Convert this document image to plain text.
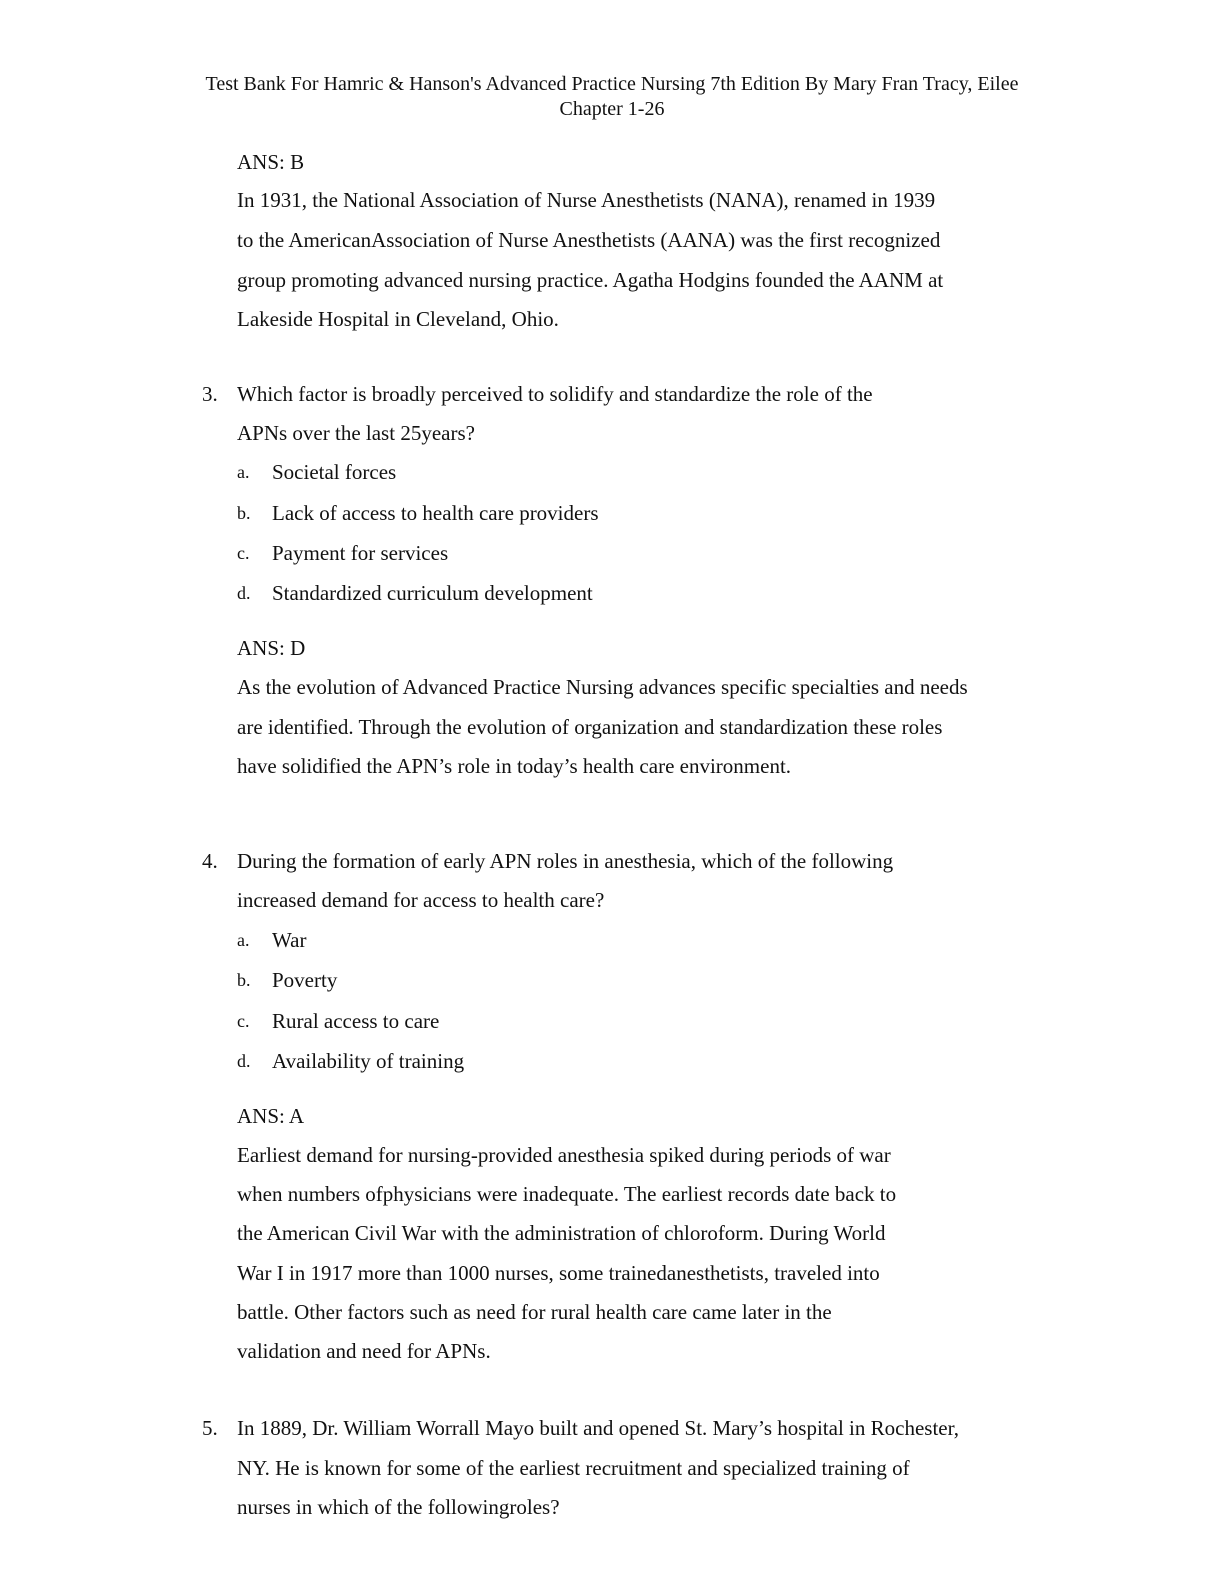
Test Bank For Hamric & Hanson's Advanced Practice Nursing 7th Edition By Mary Fran Tracy, Eilee
Chapter 1-26
ANS: B
In 1931, the National Association of Nurse Anesthetists (NANA), renamed in 1939
to the AmericanAssociation of Nurse Anesthetists (AANA) was the first recognized
group promoting advanced nursing practice. Agatha Hodgins founded the AANM at
Lakeside Hospital in Cleveland, Ohio.
3. Which factor is broadly perceived to solidify and standardize the role of the
APNs over the last 25years?
a. Societal forces
b. Lack of access to health care providers
c. Payment for services
d. Standardized curriculum development
ANS: D
As the evolution of Advanced Practice Nursing advances specific specialties and needs
are identified. Through the evolution of organization and standardization these roles
have solidified the APN’s role in today’s health care environment.
4. During the formation of early APN roles in anesthesia, which of the following
increased demand for access to health care?
a. War
b. Poverty
c. Rural access to care
d. Availability of training
ANS: A
Earliest demand for nursing-provided anesthesia spiked during periods of war
when numbers ofphysicians were inadequate. The earliest records date back to
the American Civil War with the administration of chloroform. During World
War I in 1917 more than 1000 nurses, some trainedanesthetists, traveled into
battle. Other factors such as need for rural health care came later in the
validation and need for APNs.
5. In 1889, Dr. William Worrall Mayo built and opened St. Mary’s hospital in Rochester,
NY. He is known for some of the earliest recruitment and specialized training of
nurses in which of the followingroles?
